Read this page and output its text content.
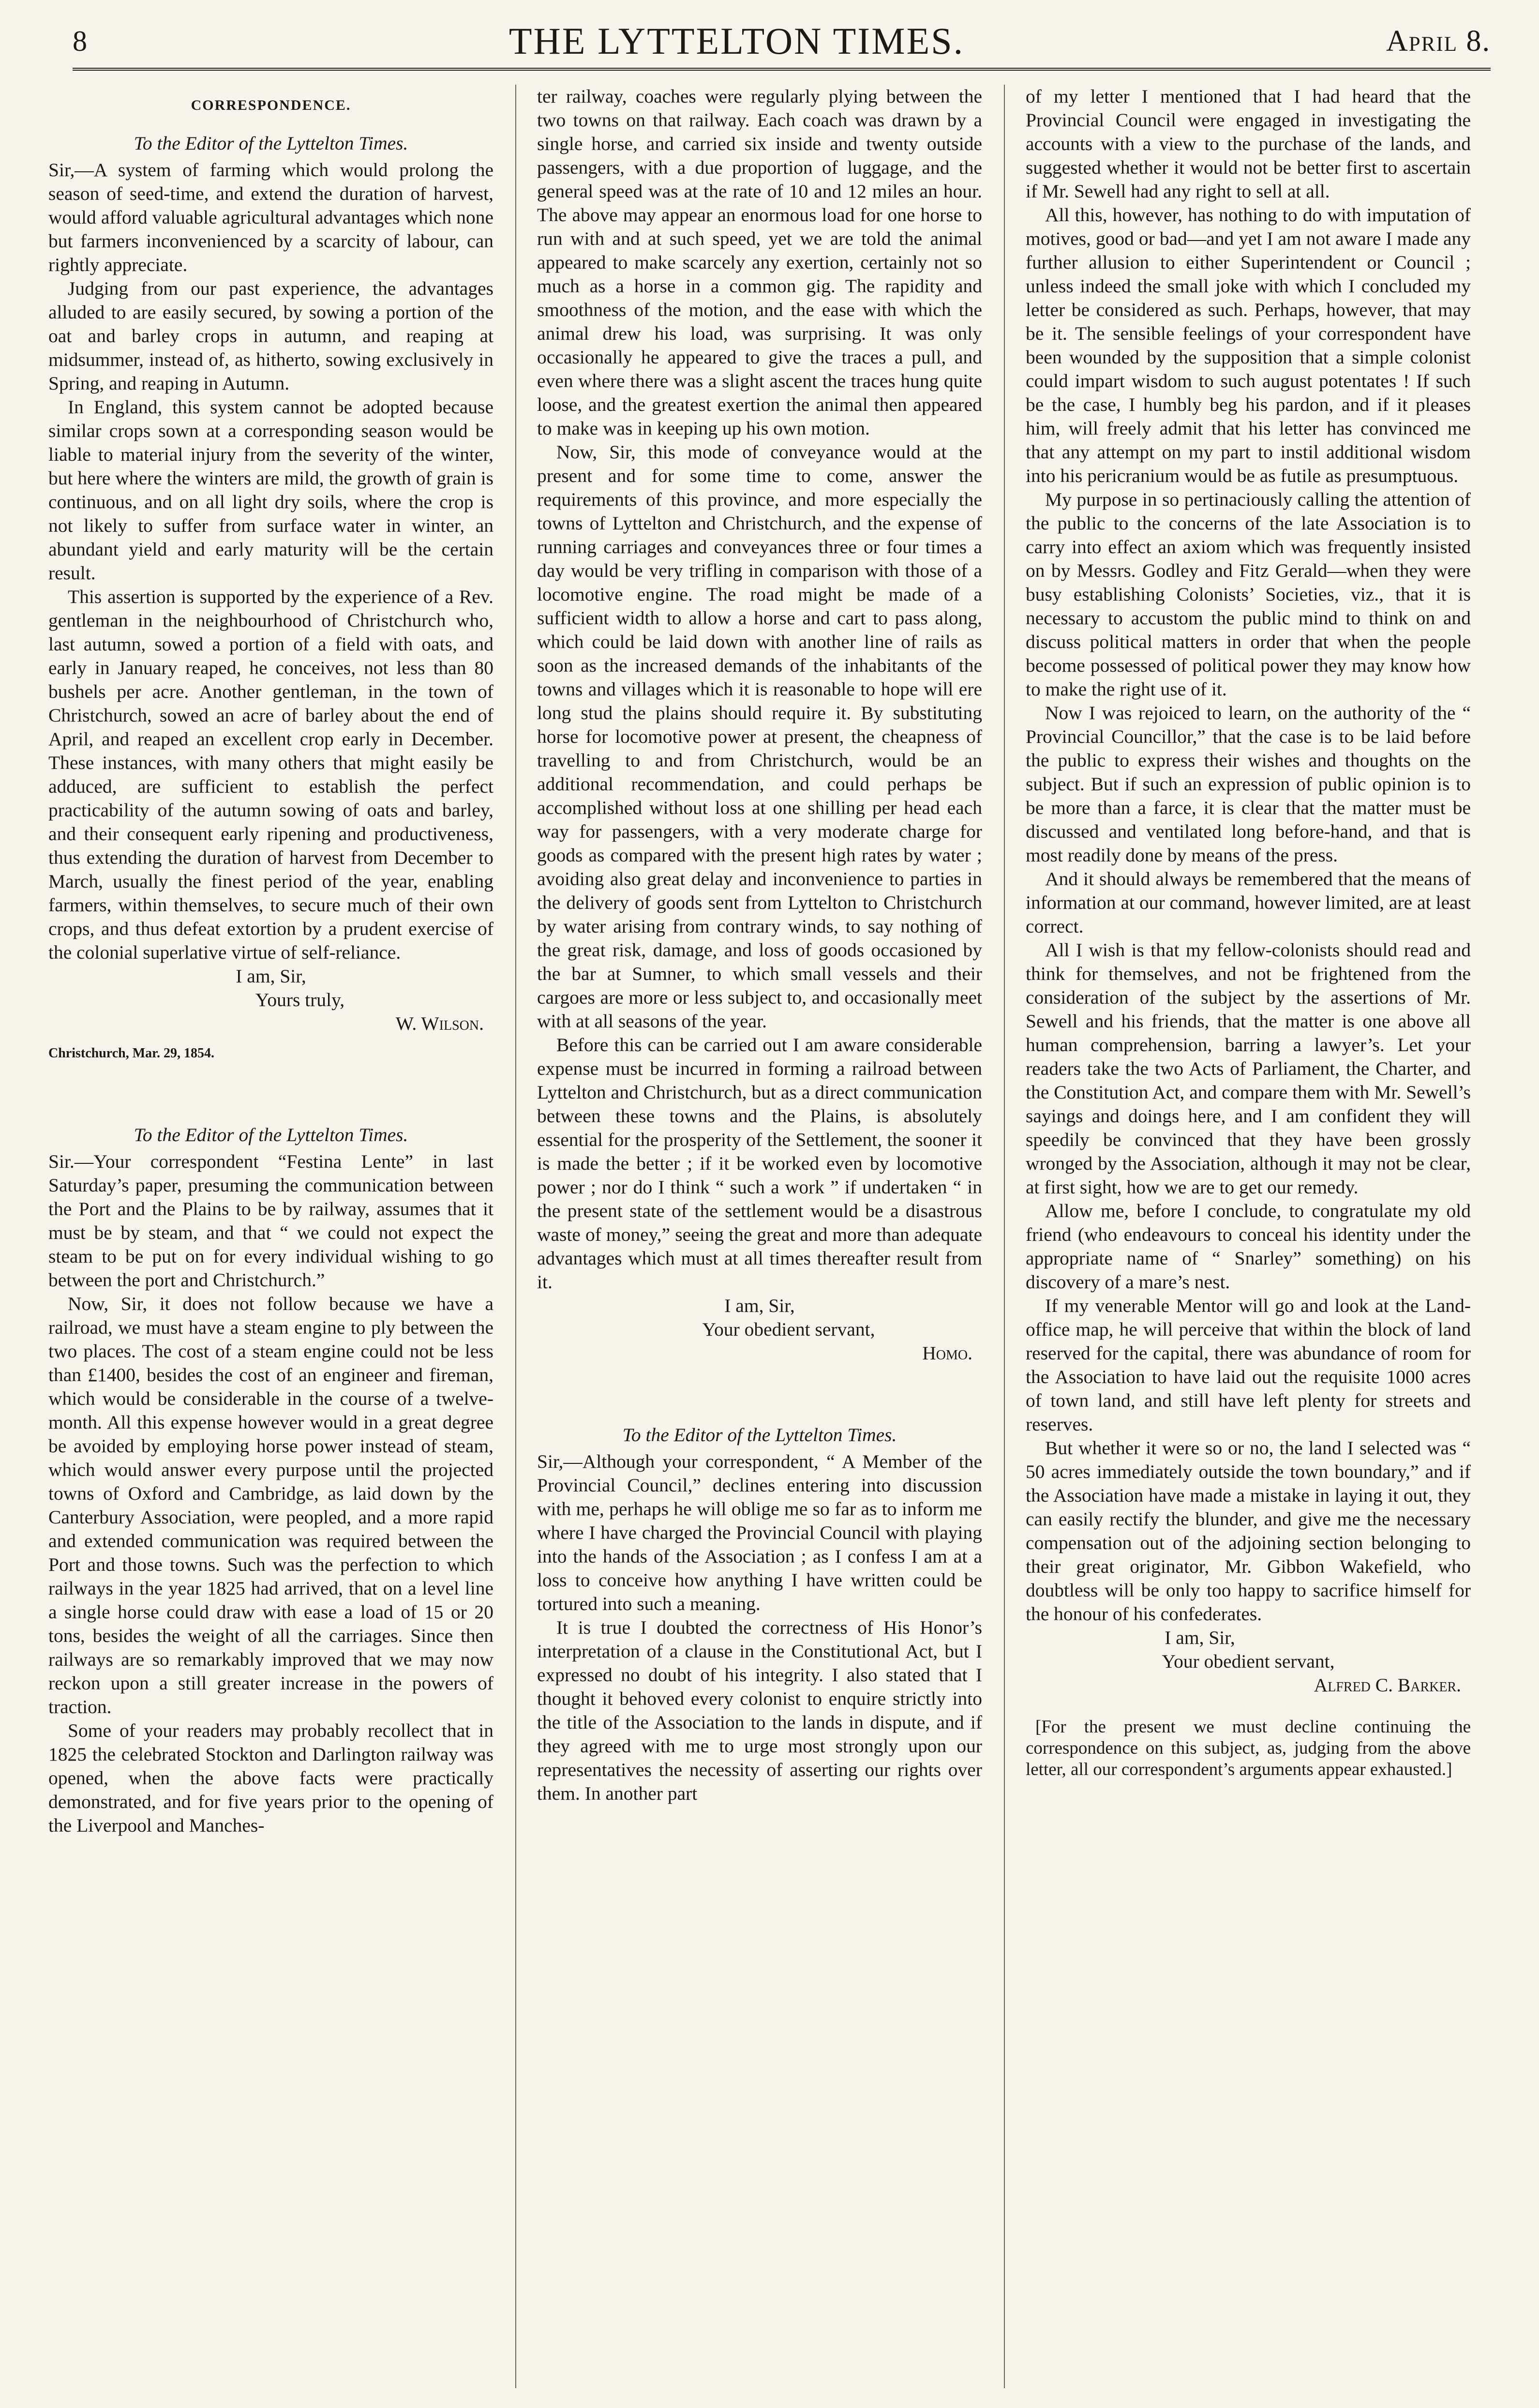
8	THE LYTTELTON TIMES.	April 8.
CORRESPONDENCE.
To the Editor of the Lyttelton Times.

Sir,—A system of farming which would prolong the season of seed-time, and extend the duration of harvest, would afford valuable agricultural advantages which none but farmers inconvenienced by a scarcity of labour, can rightly appreciate.

Judging from our past experience, the advantages alluded to are easily secured, by sowing a portion of the oat and barley crops in autumn, and reaping at midsummer, instead of, as hitherto, sowing exclusively in Spring, and reaping in Autumn.

In England, this system cannot be adopted because similar crops sown at a corresponding season would be liable to material injury from the severity of the winter, but here where the winters are mild, the growth of grain is continuous, and on all light dry soils, where the crop is not likely to suffer from surface water in winter, an abundant yield and early maturity will be the certain result.

This assertion is supported by the experience of a Rev. gentleman in the neighbourhood of Christchurch who, last autumn, sowed a portion of a field with oats, and early in January reaped, he conceives, not less than 80 bushels per acre. Another gentleman, in the town of Christchurch, sowed an acre of barley about the end of April, and reaped an excellent crop early in December. These instances, with many others that might easily be adduced, are sufficient to establish the perfect practicability of the autumn sowing of oats and barley, and their consequent early ripening and productiveness, thus extending the duration of harvest from December to March, usually the finest period of the year, enabling farmers, within themselves, to secure much of their own crops, and thus defeat extortion by a prudent exercise of the colonial superlative virtue of self-reliance.

I am, Sir,
Yours truly,
W. Wilson.
Christchurch, Mar. 29, 1854.
To the Editor of the Lyttelton Times.

Sir.—Your correspondent “Festina Lente” in last Saturday’s paper, presuming the communication between the Port and the Plains to be by railway, assumes that it must be by steam, and that “ we could not expect the steam to be put on for every individual wishing to go between the port and Christchurch.”

Now, Sir, it does not follow because we have a railroad, we must have a steam engine to ply between the two places. The cost of a steam engine could not be less than £1400, besides the cost of an engineer and fireman, which would be considerable in the course of a twelve-month. All this expense however would in a great degree be avoided by employing horse power instead of steam, which would answer every purpose until the projected towns of Oxford and Cambridge, as laid down by the Canterbury Association, were peopled, and a more rapid and extended communication was required between the Port and those towns. Such was the perfection to which railways in the year 1825 had arrived, that on a level line a single horse could draw with ease a load of 15 or 20 tons, besides the weight of all the carriages. Since then railways are so remarkably improved that we may now reckon upon a still greater increase in the powers of traction.

Some of your readers may probably recollect that in 1825 the celebrated Stockton and Darlington railway was opened, when the above facts were practically demonstrated, and for five years prior to the opening of the Liverpool and Manches-

ter railway, coaches were regularly plying between the two towns on that railway. Each coach was drawn by a single horse, and carried six inside and twenty outside passengers, with a due proportion of luggage, and the general speed was at the rate of 10 and 12 miles an hour. The above may appear an enormous load for one horse to run with and at such speed, yet we are told the animal appeared to make scarcely any exertion, certainly not so much as a horse in a common gig. The rapidity and smoothness of the motion, and the ease with which the animal drew his load, was surprising. It was only occasionally he appeared to give the traces a pull, and even where there was a slight ascent the traces hung quite loose, and the greatest exertion the animal then appeared to make was in keeping up his own motion.

Now, Sir, this mode of conveyance would at the present and for some time to come, answer the requirements of this province, and more especially the towns of Lyttelton and Christchurch, and the expense of running carriages and conveyances three or four times a day would be very trifling in comparison with those of a locomotive engine. The road might be made of a sufficient width to allow a horse and cart to pass along, which could be laid down with another line of rails as soon as the increased demands of the inhabitants of the towns and villages which it is reasonable to hope will ere long stud the plains should require it. By substituting horse for locomotive power at present, the cheapness of travelling to and from Christchurch, would be an additional recommendation, and could perhaps be accomplished without loss at one shilling per head each way for passengers, with a very moderate charge for goods as compared with the present high rates by water ; avoiding also great delay and inconvenience to parties in the delivery of goods sent from Lyttelton to Christchurch by water arising from contrary winds, to say nothing of the great risk, damage, and loss of goods occasioned by the bar at Sumner, to which small vessels and their cargoes are more or less subject to, and occasionally meet with at all seasons of the year.

Before this can be carried out I am aware considerable expense must be incurred in forming a railroad between Lyttelton and Christchurch, but as a direct communication between these towns and the Plains, is absolutely essential for the prosperity of the Settlement, the sooner it is made the better ; if it be worked even by locomotive power ; nor do I think “ such a work ” if undertaken “ in the present state of the settlement would be a disastrous waste of money,” seeing the great and more than adequate advantages which must at all times thereafter result from it.

I am, Sir,
Your obedient servant,
Homo.
To the Editor of the Lyttelton Times.

Sir,—Although your correspondent, “ A Member of the Provincial Council,” declines entering into discussion with me, perhaps he will oblige me so far as to inform me where I have charged the Provincial Council with playing into the hands of the Association ; as I confess I am at a loss to conceive how anything I have written could be tortured into such a meaning.

It is true I doubted the correctness of His Honor’s interpretation of a clause in the Constitutional Act, but I expressed no doubt of his integrity. I also stated that I thought it behoved every colonist to enquire strictly into the title of the Association to the lands in dispute, and if they agreed with me to urge most strongly upon our representatives the necessity of asserting our rights over them. In another part

of my letter I mentioned that I had heard that the Provincial Council were engaged in investigating the accounts with a view to the purchase of the lands, and suggested whether it would not be better first to ascertain if Mr. Sewell had any right to sell at all.

All this, however, has nothing to do with imputation of motives, good or bad—and yet I am not aware I made any further allusion to either Superintendent or Council ; unless indeed the small joke with which I concluded my letter be considered as such. Perhaps, however, that may be it. The sensible feelings of your correspondent have been wounded by the supposition that a simple colonist could impart wisdom to such august potentates ! If such be the case, I humbly beg his pardon, and if it pleases him, will freely admit that his letter has convinced me that any attempt on my part to instil additional wisdom into his pericranium would be as futile as presumptuous.

My purpose in so pertinaciously calling the attention of the public to the concerns of the late Association is to carry into effect an axiom which was frequently insisted on by Messrs. Godley and Fitz Gerald—when they were busy establishing Colonists’ Societies, viz., that it is necessary to accustom the public mind to think on and discuss political matters in order that when the people become possessed of political power they may know how to make the right use of it.

Now I was rejoiced to learn, on the authority of the “ Provincial Councillor,” that the case is to be laid before the public to express their wishes and thoughts on the subject. But if such an expression of public opinion is to be more than a farce, it is clear that the matter must be discussed and ventilated long before-hand, and that is most readily done by means of the press.

And it should always be remembered that the means of information at our command, however limited, are at least correct.

All I wish is that my fellow-colonists should read and think for themselves, and not be frightened from the consideration of the subject by the assertions of Mr. Sewell and his friends, that the matter is one above all human comprehension, barring a lawyer’s. Let your readers take the two Acts of Parliament, the Charter, and the Constitution Act, and compare them with Mr. Sewell’s sayings and doings here, and I am confident they will speedily be convinced that they have been grossly wronged by the Association, although it may not be clear, at first sight, how we are to get our remedy.

Allow me, before I conclude, to congratulate my old friend (who endeavours to conceal his identity under the appropriate name of “ Snarley” something) on his discovery of a mare’s nest.

If my venerable Mentor will go and look at the Land-office map, he will perceive that within the block of land reserved for the capital, there was abundance of room for the Association to have laid out the requisite 1000 acres of town land, and still have left plenty for streets and reserves.

But whether it were so or no, the land I selected was “ 50 acres immediately outside the town boundary,” and if the Association have made a mistake in laying it out, they can easily rectify the blunder, and give me the necessary compensation out of the adjoining section belonging to their great originator, Mr. Gibbon Wakefield, who doubtless will be only too happy to sacrifice himself for the honour of his confederates.

I am, Sir,
Your obedient servant,
Alfred C. Barker.
[For the present we must decline continuing the correspondence on this subject, as, judging from the above letter, all our correspondent’s arguments appear exhausted.]
